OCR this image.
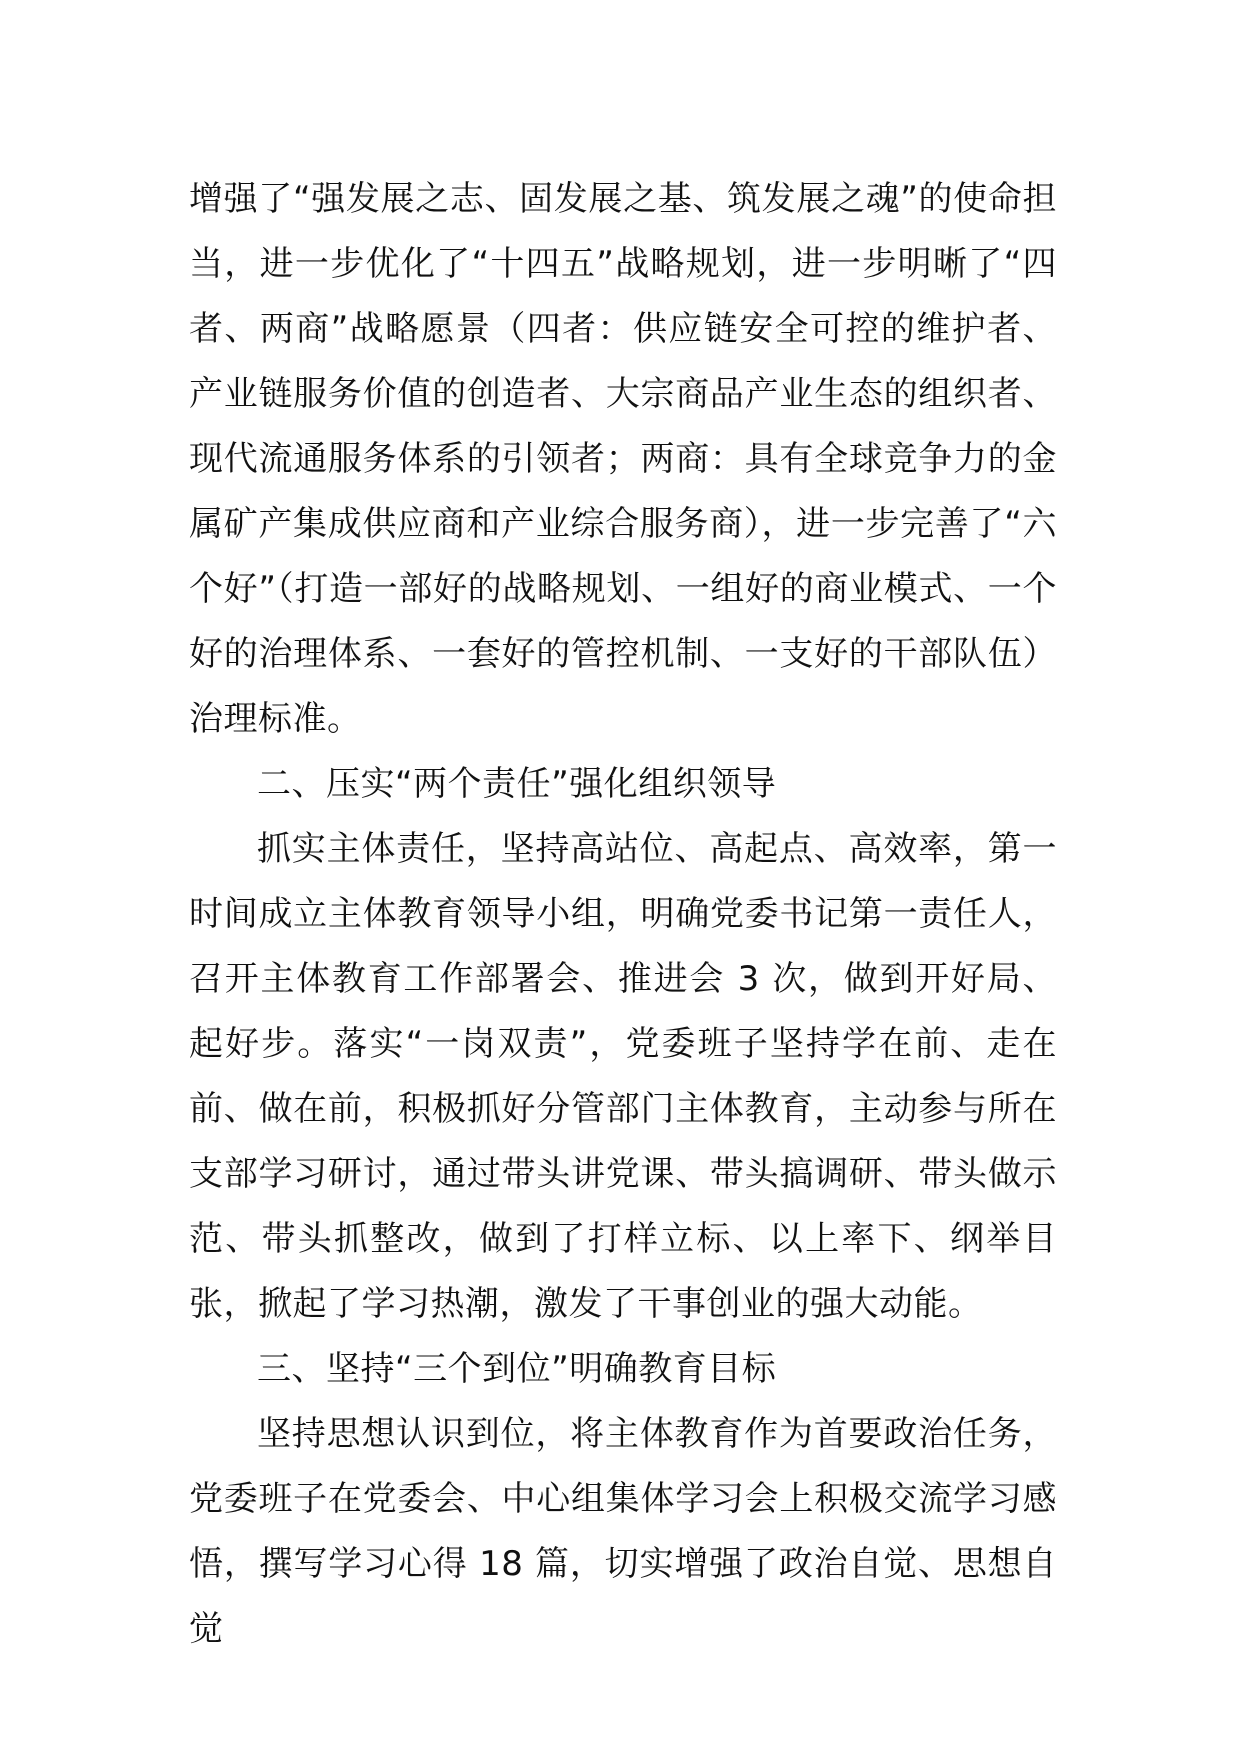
增强了“强发展之志、固发展之基、筑发展之魂”的使命担当，进一步优化了“十四五”战略规划，进一步明晰了“四者、两商”战略愿景（四者：供应链安全可控的维护者、产业链服务价值的创造者、大宗商品产业生态的组织者、现代流通服务体系的引领者；两商：具有全球竞争力的金属矿产集成供应商和产业综合服务商），进一步完善了“六个好”（打造一部好的战略规划、一组好的商业模式、一个好的治理体系、一套好的管控机制、一支好的干部队伍）治理标准。

二、压实“两个责任”强化组织领导

抓实主体责任，坚持高站位、高起点、高效率，第一时间成立主体教育领导小组，明确党委书记第一责任人，召开主体教育工作部署会、推进会 3 次，做到开好局、起好步。落实“一岗双责”，党委班子坚持学在前、走在前、做在前，积极抓好分管部门主体教育，主动参与所在支部学习研讨，通过带头讲党课、带头搞调研、带头做示范、带头抓整改，做到了打样立标、以上率下、纲举目张，掀起了学习热潮，激发了干事创业的强大动能。

三、坚持“三个到位”明确教育目标

坚持思想认识到位，将主体教育作为首要政治任务，党委班子在党委会、中心组集体学习会上积极交流学习感悟，撰写学习心得 18 篇，切实增强了政治自觉、思想自觉
